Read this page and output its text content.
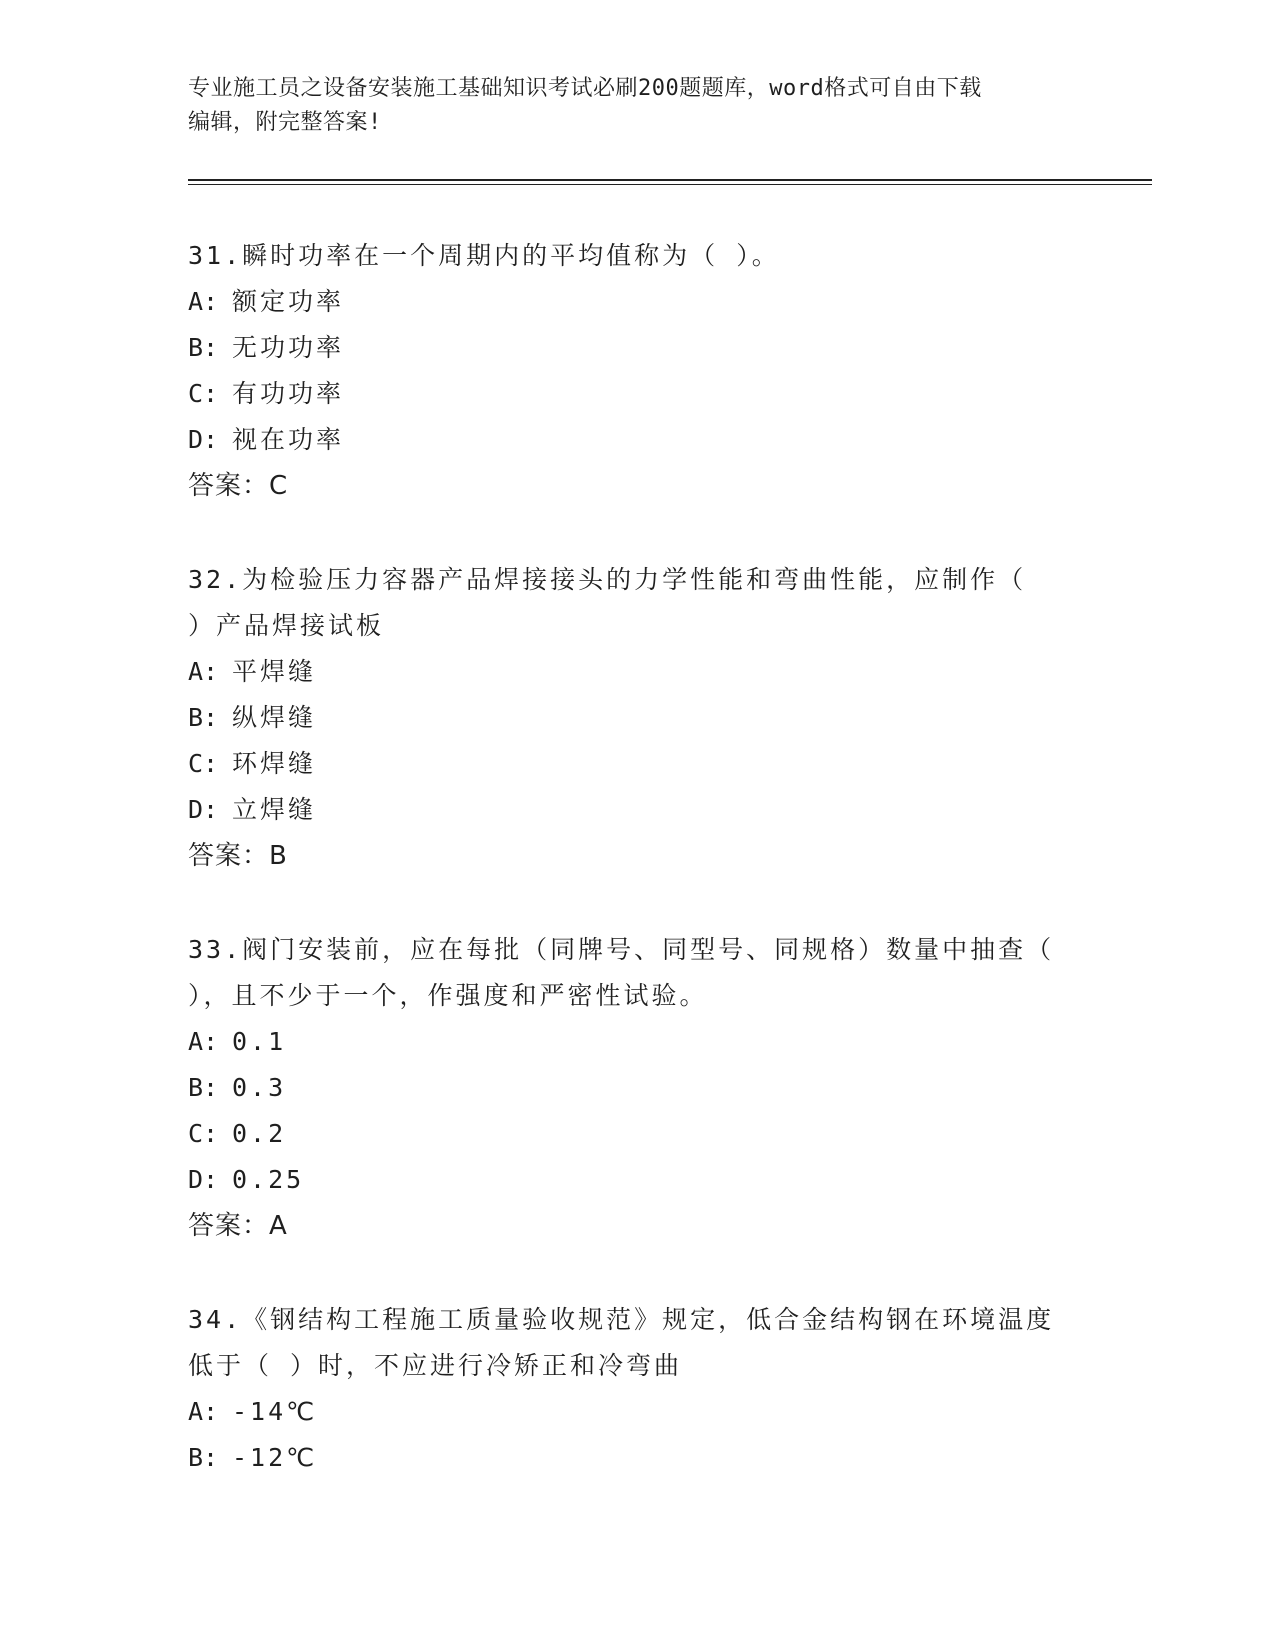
专业施工员之设备安装施工基础知识考试必刷200题题库，word格式可自由下载
编辑，附完整答案!
31.瞬时功率在一个周期内的平均值称为（ ）。
A: 额定功率
B: 无功功率
C: 有功功率
D: 视在功率
答案：C
32.为检验压力容器产品焊接接头的力学性能和弯曲性能，应制作（
）产品焊接试板
A: 平焊缝
B: 纵焊缝
C: 环焊缝
D: 立焊缝
答案：B
33.阀门安装前，应在每批（同牌号、同型号、同规格）数量中抽查（
），且不少于一个，作强度和严密性试验。
A: 0.1
B: 0.3
C: 0.2
D: 0.25
答案：A
34.《钢结构工程施工质量验收规范》规定，低合金结构钢在环境温度
低于（ ）时，不应进行冷矫正和冷弯曲
A: -14℃
B: -12℃
